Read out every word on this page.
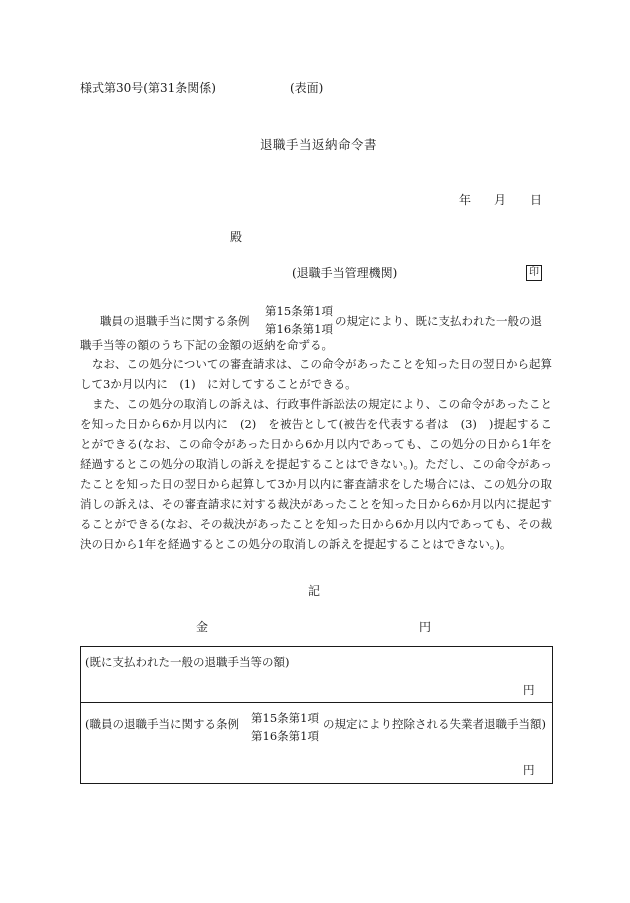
様式第30号(第31条関係)	(表面)
退職手当返納命令書
年 月 日
殿
(退職手当管理機関)	印
職員の退職手当に関する条例
第15条第1項
第16条第1項
の規定により、既に支払われた一般の退
職手当等の額のうち下記の金額の返納を命ずる。
なお、この処分についての審査請求は、この命令があったことを知った日の翌日から起算して3か月以内に　(1)　に対してすることができる。
また、この処分の取消しの訴えは、行政事件訴訟法の規定により、この命令があったことを知った日から6か月以内に　(2)　を被告として(被告を代表する者は　(3)　)提起することができる(なお、この命令があった日から6か月以内であっても、この処分の日から1年を経過するとこの処分の取消しの訴えを提起することはできない。)。ただし、この命令があったことを知った日の翌日から起算して3か月以内に審査請求をした場合には、この処分の取消しの訴えは、その審査請求に対する裁決があったことを知った日から6か月以内に提起することができる(なお、その裁決があったことを知った日から6か月以内であっても、その裁決の日から1年を経過するとこの処分の取消しの訴えを提起することはできない。)。
記
金	円
(既に支払われた一般の退職手当等の額)
円
(職員の退職手当に関する条例 第15条第1項
第16条第1項
の規定により控除される失業者退職手当額)
円
